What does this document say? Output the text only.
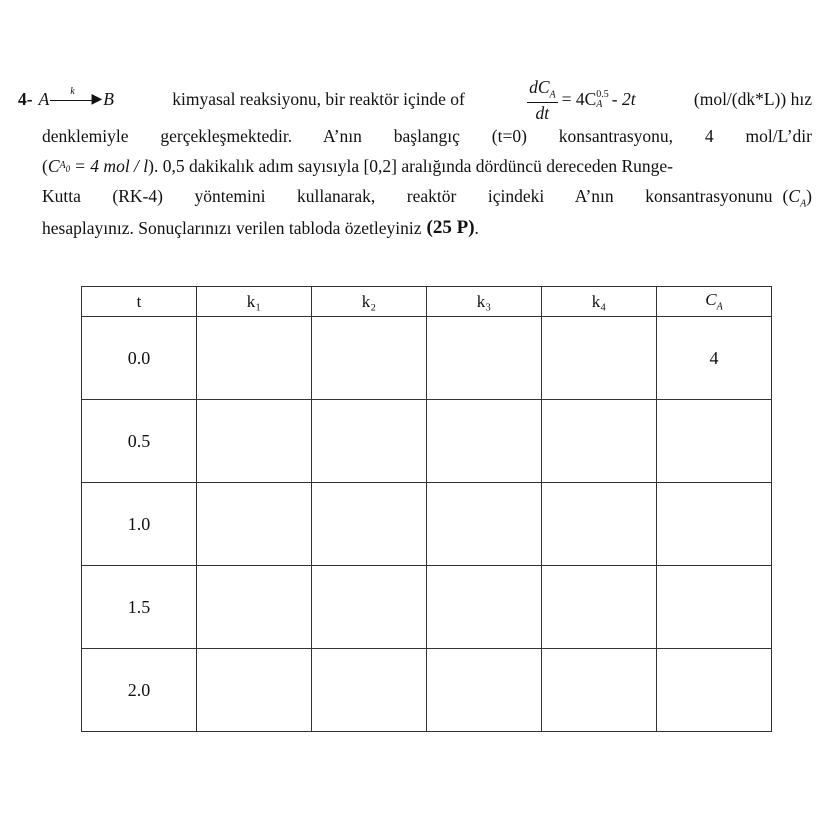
4- A k
▶ B	kimyasal reaksiyonu, bir reaktör içinde of	$\frac{dC_A}{dt} = 4C$ 0.5
A - 2t	(mol/(dk*L)) hız
denklemiyle gerçekleşmektedir. A’nın başlangıç (t=0) konsantrasyonu, 4 mol/L’dir
( C A0 = 4 mol / l ) . 0,5 dakikalık adım sayısıyla [0,2] aralığında dördüncü dereceden Runge-
Kutta (RK-4) yöntemini kullanarak, reaktör içindeki A’nın konsantrasyonunu $(C_A)$
hesaplayınız. Sonuçlarınızı verilen tabloda özetleyiniz (25 P) .
t	k₁	k₂	k₃	k₄	$C_A$
0.0					4
0.5					
1.0					
1.5					
2.0					
